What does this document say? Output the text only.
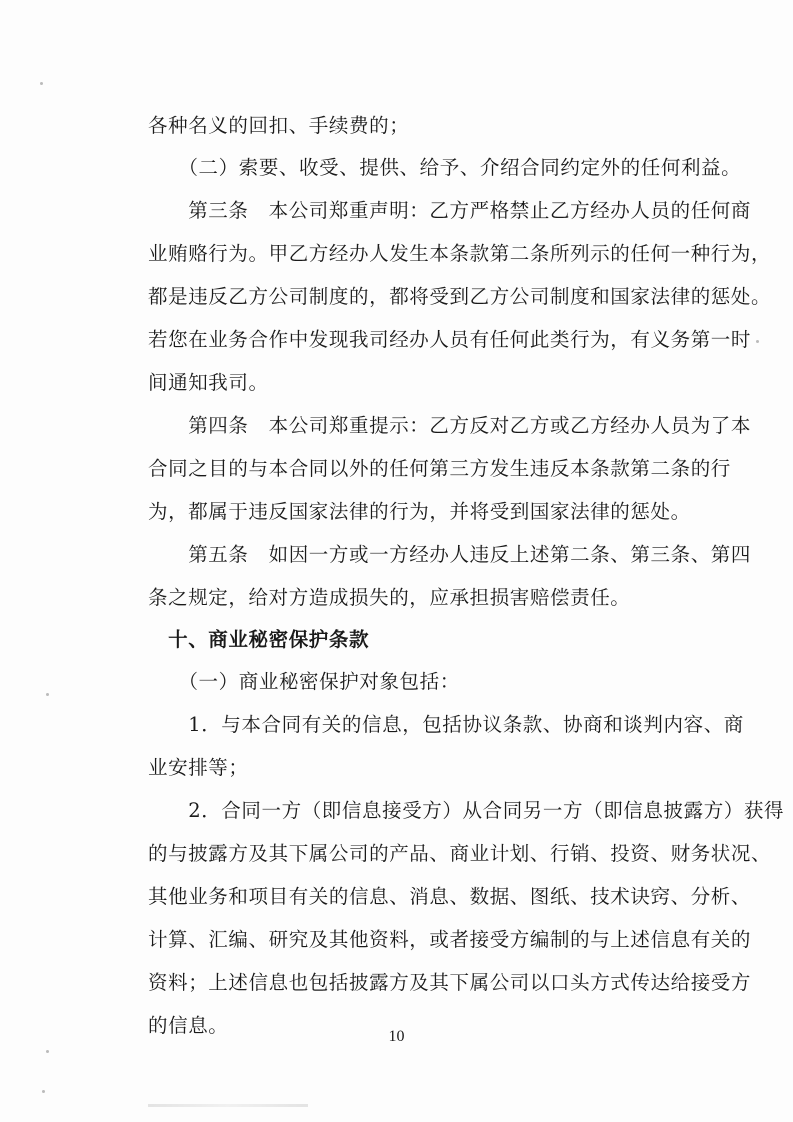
各种名义的回扣、手续费的；
　　（二）索要、收受、提供、给予、介绍合同约定外的任何利益。
　　第三条　本公司郑重声明：乙方严格禁止乙方经办人员的任何商
业贿赂行为。甲乙方经办人发生本条款第二条所列示的任何一种行为，
都是违反乙方公司制度的，都将受到乙方公司制度和国家法律的惩处。
若您在业务合作中发现我司经办人员有任何此类行为，有义务第一时
间通知我司。
　　第四条　本公司郑重提示：乙方反对乙方或乙方经办人员为了本
合同之目的与本合同以外的任何第三方发生违反本条款第二条的行
为，都属于违反国家法律的行为，并将受到国家法律的惩处。
　　第五条　如因一方或一方经办人违反上述第二条、第三条、第四
条之规定，给对方造成损失的，应承担损害赔偿责任。
　十、商业秘密保护条款
　　（一）商业秘密保护对象包括：
　　1．与本合同有关的信息，包括协议条款、协商和谈判内容、商
业安排等；
　　2．合同一方（即信息接受方）从合同另一方（即信息披露方）获得
的与披露方及其下属公司的产品、商业计划、行销、投资、财务状况、
其他业务和项目有关的信息、消息、数据、图纸、技术诀窍、分析、
计算、汇编、研究及其他资料，或者接受方编制的与上述信息有关的
资料；上述信息也包括披露方及其下属公司以口头方式传达给接受方
的信息。	10
